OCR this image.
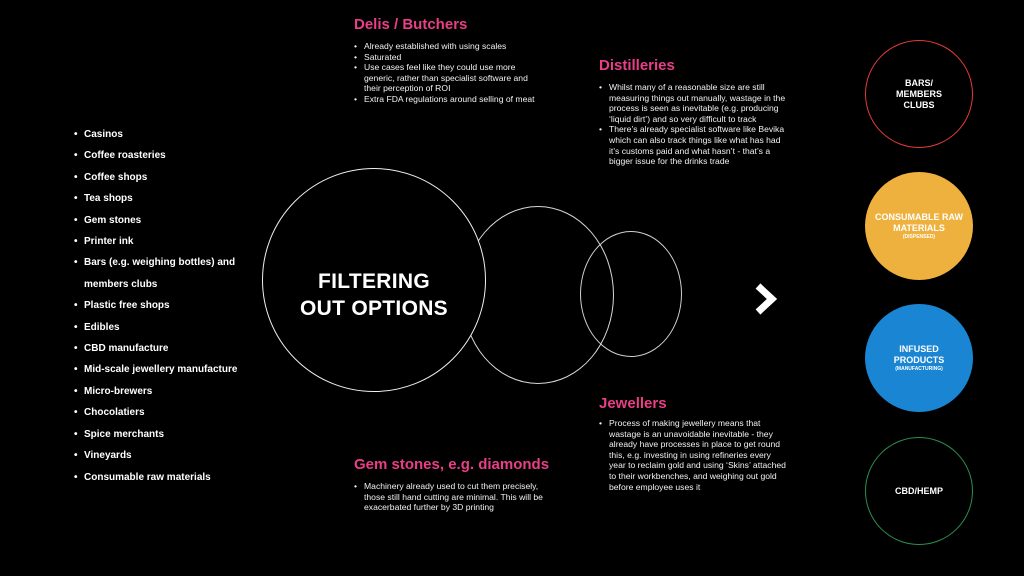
• Casinos
• Coffee roasteries
• Coffee shops
• Tea shops
• Gem stones
• Printer ink
• Bars (e.g. weighing bottles) and
members clubs
• Plastic free shops
• Edibles
• CBD manufacture
• Mid-scale jewellery manufacture
• Micro-brewers
• Chocolatiers
• Spice merchants
• Vineyards
• Consumable raw materials
FILTERING
OUT OPTIONS
Delis / Butchers
• Already established with using scales
• Saturated
• Use cases feel like they could use more generic, rather than specialist software and their perception of ROI
• Extra FDA regulations around selling of meat
Distilleries
• Whilst many of a reasonable size are still measuring things out manually, wastage in the process is seen as inevitable (e.g. producing ‘liquid dirt’) and so very difficult to track
• There’s already specialist software like Bevika which can also track things like what has had it’s customs paid and what hasn’t - that’s a bigger issue for the drinks trade
Jewellers
• Process of making jewellery means that wastage is an unavoidable inevitable - they already have processes in place to get round this, e.g. investing in using refineries every year to reclaim gold and using ‘Skins’ attached to their workbenches, and weighing out gold before employee uses it
Gem stones, e.g. diamonds
• Machinery already used to cut them precisely, those still hand cutting are minimal. This will be exacerbated further by 3D printing
BARS/ MEMBERS CLUBS
CONSUMABLE RAW MATERIALS
(DISPENSED)
INFUSED PRODUCTS
(MANUFACTURING)
CBD/HEMP
